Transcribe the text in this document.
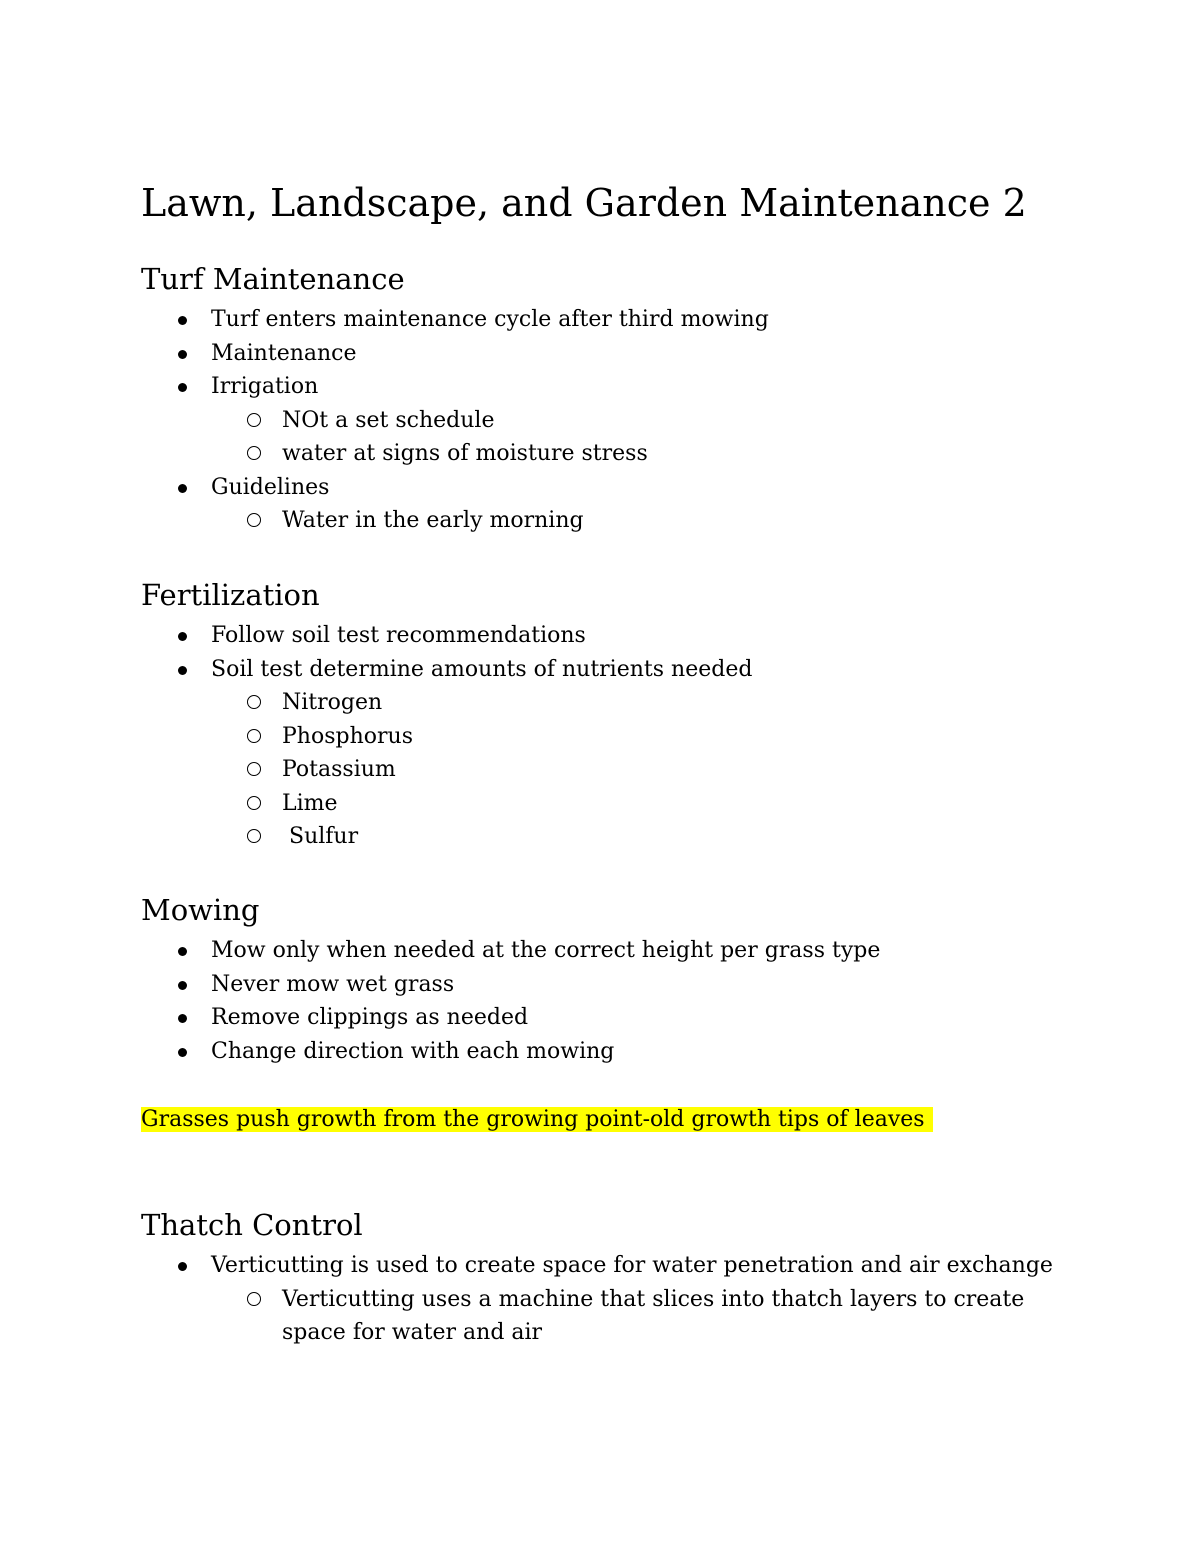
Lawn, Landscape, and Garden Maintenance 2
Turf Maintenance
Turf enters maintenance cycle after third mowing
Maintenance
Irrigation
NOt a set schedule
water at signs of moisture stress
Guidelines
Water in the early morning
Fertilization
Follow soil test recommendations
Soil test determine amounts of nutrients needed
Nitrogen
Phosphorus
Potassium
Lime
Sulfur
Mowing
Mow only when needed at the correct height per grass type
Never mow wet grass
Remove clippings as needed
Change direction with each mowing
Grasses push growth from the growing point-old growth tips of leaves
Thatch Control
Verticutting is used to create space for water penetration and air exchange
Verticutting uses a machine that slices into thatch layers to create space for water and air
